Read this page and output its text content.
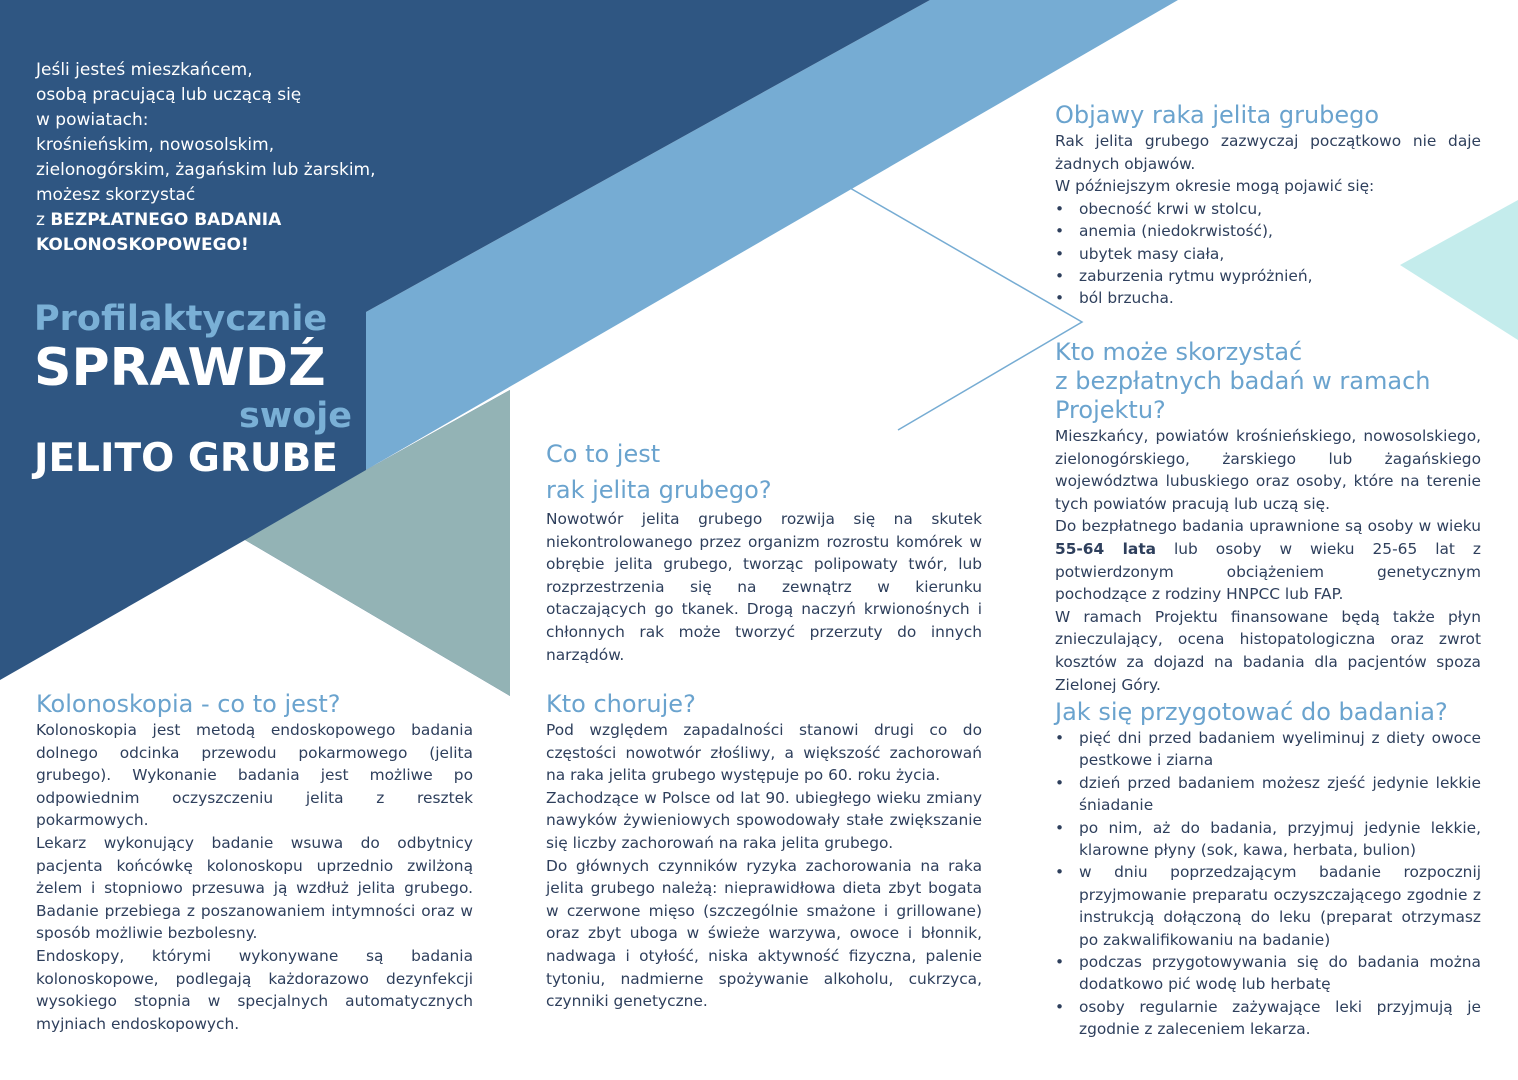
Jeśli jesteś mieszkańcem,
osobą pracującą lub uczącą się
w powiatach:
krośnieńskim, nowosolskim,
zielonogórskim, żagańskim lub żarskim,
możesz skorzystać
z BEZPŁATNEGO BADANIA
KOLONOSKOPOWEGO!
Profilaktycznie
SPRAWDŹ
swoje
JELITO GRUBE
Kolonoskopia - co to jest?

Kolonoskopia jest metodą endoskopowego badania dolnego odcinka przewodu pokarmowego (jelita grubego). Wykonanie badania jest możliwe po odpowiednim oczyszczeniu jelita z resztek pokarmowych.
Lekarz wykonujący badanie wsuwa do odbytnicy pacjenta końcówkę kolonoskopu uprzednio zwilżoną żelem i stopniowo przesuwa ją wzdłuż jelita grubego. Badanie przebiega z poszanowaniem intymności oraz w sposób możliwie bezbolesny.
Endoskopy, którymi wykonywane są badania kolonoskopowe, podlegają każdorazowo dezynfekcji wysokiego stopnia w specjalnych automatycznych myjniach endoskopowych.

Co to jest
rak jelita grubego?

Nowotwór jelita grubego rozwija się na skutek niekontrolowanego przez organizm rozrostu komórek w obrębie jelita grubego, tworząc polipowaty twór, lub rozprzestrzenia się na zewnątrz w kierunku otaczających go tkanek. Drogą naczyń krwionośnych i chłonnych rak może tworzyć przerzuty do innych narządów.

Kto choruje?

Pod względem zapadalności stanowi drugi co do częstości nowotwór złośliwy, a większość zachorowań na raka jelita grubego występuje po 60. roku życia.
Zachodzące w Polsce od lat 90. ubiegłego wieku zmiany nawyków żywieniowych spowodowały stałe zwiększanie się liczby zachorowań na raka jelita grubego.
Do głównych czynników ryzyka zachorowania na raka jelita grubego należą: nieprawidłowa dieta zbyt bogata w czerwone mięso (szczególnie smażone i grillowane) oraz zbyt uboga w świeże warzywa, owoce i błonnik, nadwaga i otyłość, niska aktywność fizyczna, palenie tytoniu, nadmierne spożywanie alkoholu, cukrzyca, czynniki genetyczne.

Objawy raka jelita grubego

Rak jelita grubego zazwyczaj początkowo nie daje żadnych objawów.
W późniejszym okresie mogą pojawić się:

• obecność krwi w stolcu,
• anemia (niedokrwistość),
• ubytek masy ciała,
• zaburzenia rytmu wypróżnień,
• ból brzucha.
Kto może skorzystać
z bezpłatnych badań w ramach
Projektu?

Mieszkańcy, powiatów krośnieńskiego, nowosolskiego, zielonogórskiego, żarskiego lub żagańskiego województwa lubuskiego oraz osoby, które na terenie tych powiatów pracują lub uczą się.
Do bezpłatnego badania uprawnione są osoby w wieku 55-64 lata lub osoby w wieku 25-65 lat z potwierdzonym obciążeniem genetycznym pochodzące z rodziny HNPCC lub FAP.
W ramach Projektu finansowane będą także płyn znieczulający, ocena histopatologiczna oraz zwrot kosztów za dojazd na badania dla pacjentów spoza Zielonej Góry.

Jak się przygotować do badania?
• pięć dni przed badaniem wyeliminuj z diety owoce pestkowe i ziarna
• dzień przed badaniem możesz zjeść jedynie lekkie śniadanie
• po nim, aż do badania, przyjmuj jedynie lekkie, klarowne płyny (sok, kawa, herbata, bulion)
• w dniu poprzedzającym badanie rozpocznij przyjmowanie preparatu oczyszczającego zgodnie z instrukcją dołączoną do leku (preparat otrzymasz po zakwalifikowaniu na badanie)
• podczas przygotowywania się do badania można dodatkowo pić wodę lub herbatę
• osoby regularnie zażywające leki przyjmują je zgodnie z zaleceniem lekarza.
